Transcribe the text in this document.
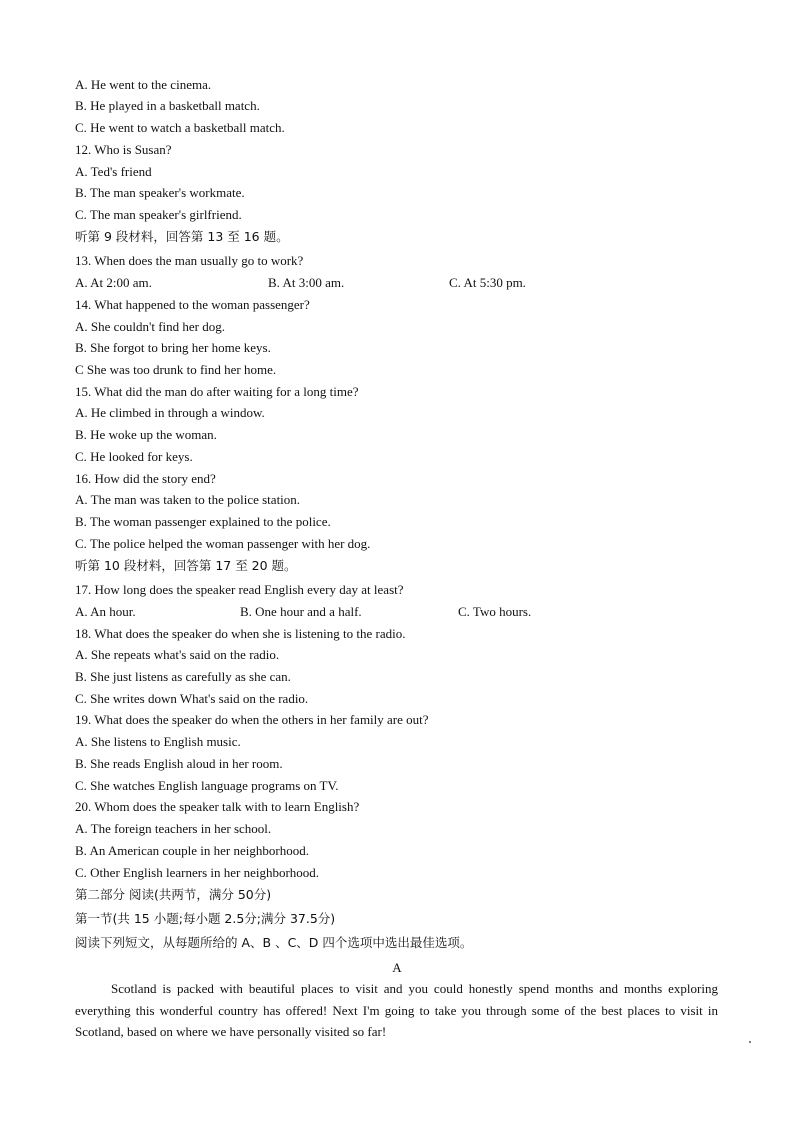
A. He went to the cinema.
B. He played in a basketball match.
C. He went to watch a basketball match.
12. Who is Susan?
A. Ted's friend
B. The man speaker's workmate.
C. The man speaker's girlfriend.
听第 9 段材料，回答第 13 至 16 题。
13. When does the man usually go to work?
A. At 2:00 am.	B. At 3:00 am.	C. At 5:30 pm.
14. What happened to the woman passenger?
A. She couldn't find her dog.
B. She forgot to bring her home keys.
C She was too drunk to find her home.
15. What did the man do after waiting for a long time?
A. He climbed in through a window.
B. He woke up the woman.
C. He looked for keys.
16. How did the story end?
A. The man was taken to the police station.
B. The woman passenger explained to the police.
C. The police helped the woman passenger with her dog.
听第 10 段材料，回答第 17 至 20 题。
17. How long does the speaker read English every day at least?
A. An hour.	B. One hour and a half.	C. Two hours.
18. What does the speaker do when she is listening to the radio.
A. She repeats what's said on the radio.
B. She just listens as carefully as she can.
C. She writes down What's said on the radio.
19. What does the speaker do when the others in her family are out?
A. She listens to English music.
B. She reads English aloud in her room.
C. She watches English language programs on TV.
20. Whom does the speaker talk with to learn English?
A. The foreign teachers in her school.
B. An American couple in her neighborhood.
C. Other English learners in her neighborhood.
第二部分 阅读(共两节，满分 50分)
第一节(共 15 小题;每小题 2.5分;满分 37.5分)
阅读下列短文，从每题所给的 A、B 、C、D 四个选项中选出最佳选项。
A
Scotland is packed with beautiful places to visit and you could honestly spend months and months exploring everything this wonderful country has offered! Next I'm going to take you through some of the best places to visit in Scotland, based on where we have personally visited so far!
